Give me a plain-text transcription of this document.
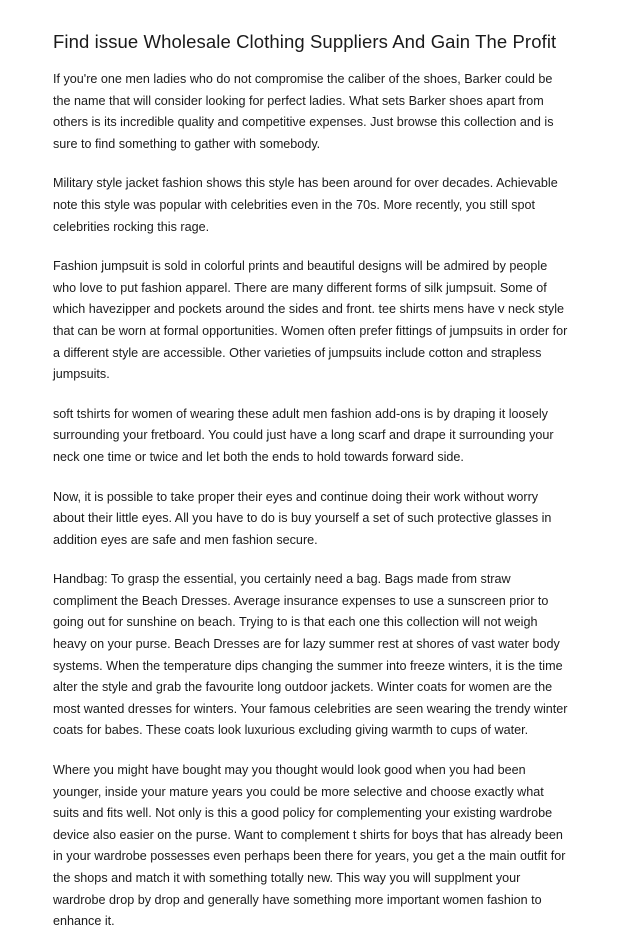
Find issue Wholesale Clothing Suppliers And Gain The Profit

If you're one men ladies who do not compromise the caliber of the shoes, Barker could be
the name that will consider looking for perfect ladies. What sets Barker shoes apart from
others is its incredible quality and competitive expenses. Just browse this collection and is
sure to find something to gather with somebody.

Military style jacket fashion shows this style has been around for over decades. Achievable
note this style was popular with celebrities even in the 70s. More recently, you still spot
celebrities rocking this rage.

Fashion jumpsuit is sold in colorful prints and beautiful designs will be admired by people
who love to put fashion apparel. There are many different forms of silk jumpsuit. Some of
which havezipper and pockets around the sides and front. tee shirts mens have v neck style
that can be worn at formal opportunities. Women often prefer fittings of jumpsuits in order for
a different style are accessible. Other varieties of jumpsuits include cotton and strapless
jumpsuits.

soft tshirts for women of wearing these adult men fashion add-ons is by draping it loosely
surrounding your fretboard. You could just have a long scarf and drape it surrounding your
neck one time or twice and let both the ends to hold towards forward side.

Now, it is possible to take proper their eyes and continue doing their work without worry
about their little eyes. All you have to do is buy yourself a set of such protective glasses in
addition eyes are safe and men fashion secure.

Handbag: To grasp the essential, you certainly need a bag. Bags made from straw
compliment the Beach Dresses. Average insurance expenses to use a sunscreen prior to
going out for sunshine on beach. Trying to is that each one this collection will not weigh
heavy on your purse. Beach Dresses are for lazy summer rest at shores of vast water body
systems. When the temperature dips changing the summer into freeze winters, it is the time
alter the style and grab the favourite long outdoor jackets. Winter coats for women are the
most wanted dresses for winters. Your famous celebrities are seen wearing the trendy winter
coats for babes. These coats look luxurious excluding giving warmth to cups of water.

Where you might have bought may you thought would look good when you had been
younger, inside your mature years you could be more selective and choose exactly what
suits and fits well. Not only is this a good policy for complementing your existing wardrobe
device also easier on the purse. Want to complement t shirts for boys that has already been
in your wardrobe possesses even perhaps been there for years, you get a the main outfit for
the shops and match it with something totally new. This way you will supplment your
wardrobe drop by drop and generally have something more important women fashion to
enhance it.
